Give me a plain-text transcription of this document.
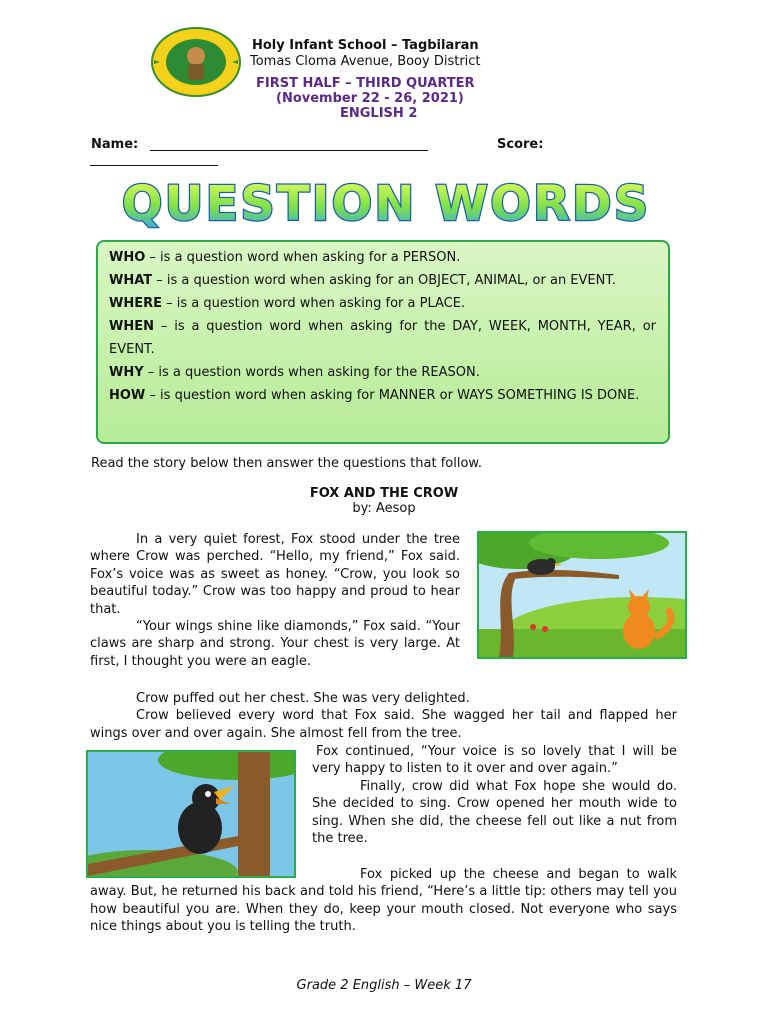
Holy Infant School – Tagbilaran
Tomas Cloma Avenue, Booy District
FIRST HALF – THIRD QUARTER
(November 22 - 26, 2021)
ENGLISH 2
Name:	Score:
QUESTION WORDS
WHO – is a question word when asking for a PERSON.
WHAT – is a question word when asking for an OBJECT, ANIMAL, or an EVENT.
WHERE – is a question word when asking for a PLACE.
WHEN – is a question word when asking for the DAY, WEEK, MONTH, YEAR, or EVENT.
WHY – is a question words when asking for the REASON.
HOW – is question word when asking for MANNER or WAYS SOMETHING IS DONE.
Read the story below then answer the questions that follow.
FOX AND THE CROW
by: Aesop
In a very quiet forest, Fox stood under the tree where Crow was perched. “Hello, my friend,” Fox said. Fox’s voice was as sweet as honey. “Crow, you look so beautiful today.” Crow was too happy and proud to hear that.
“Your wings shine like diamonds,” Fox said. “Your claws are sharp and strong. Your chest is very large. At first, I thought you were an eagle.
Crow puffed out her chest. She was very delighted.
Crow believed every word that Fox said. She wagged her tail and flapped her wings over and over again. She almost fell from the tree.
Fox continued, “Your voice is so lovely that I will be very happy to listen to it over and over again.”
Finally, crow did what Fox hope she would do. She decided to sing. Crow opened her mouth wide to sing. When she did, the cheese fell out like a nut from the tree.
Fox picked up the cheese and began to walk away. But, he returned his back and told his friend, “Here’s a little tip: others may tell you how beautiful you are. When they do, keep your mouth closed. Not everyone who says nice things about you is telling the truth.
Grade 2 English – Week 17
